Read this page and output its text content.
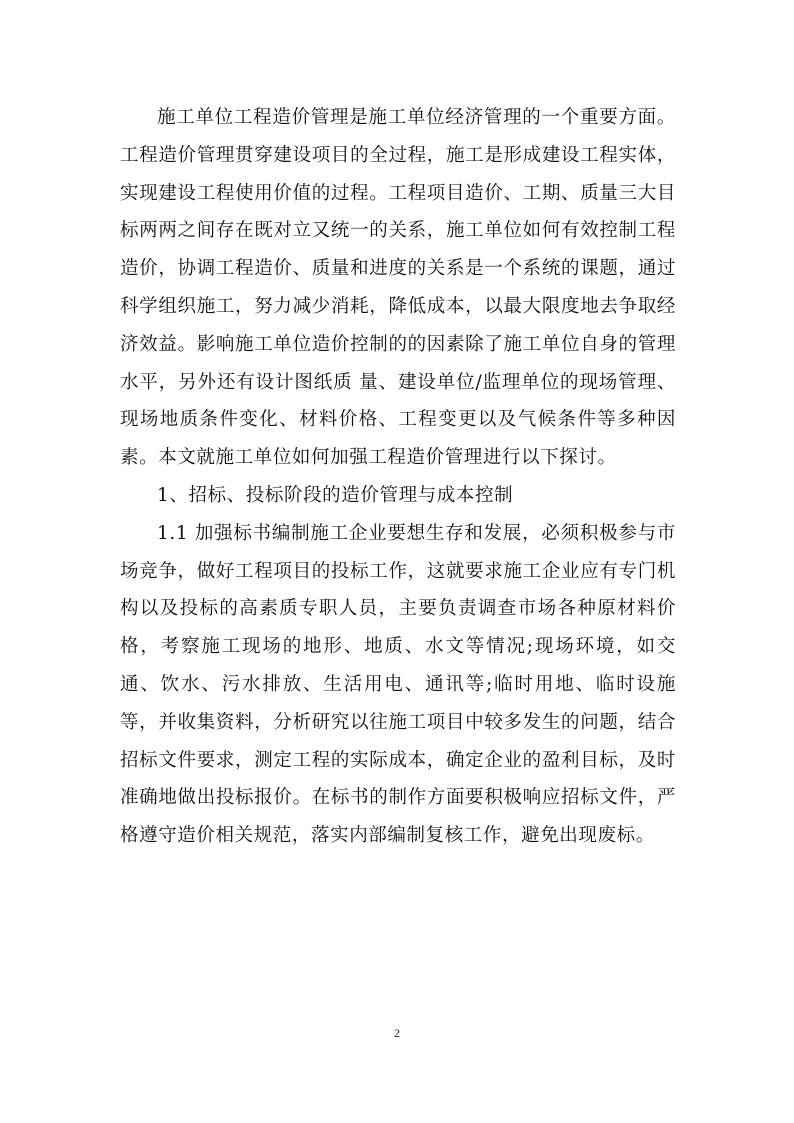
施工单位工程造价管理是施工单位经济管理的一个重要方面。工程造价管理贯穿建设项目的全过程，施工是形成建设工程实体，实现建设工程使用价值的过程。工程项目造价、工期、质量三大目标两两之间存在既对立又统一的关系，施工单位如何有效控制工程造价，协调工程造价、质量和进度的关系是一个系统的课题，通过科学组织施工，努力减少消耗，降低成本，以最大限度地去争取经济效益。影响施工单位造价控制的的因素除了施工单位自身的管理水平，另外还有设计图纸质 量、建设单位/监理单位的现场管理、现场地质条件变化、材料价格、工程变更以及气候条件等多种因素。本文就施工单位如何加强工程造价管理进行以下探讨。

1、招标、投标阶段的造价管理与成本控制

1.1 加强标书编制施工企业要想生存和发展，必须积极参与市场竞争，做好工程项目的投标工作，这就要求施工企业应有专门机构以及投标的高素质专职人员，主要负责调查市场各种原材料价格，考察施工现场的地形、地质、水文等情况;现场环境，如交通、饮水、污水排放、生活用电、通讯等;临时用地、临时设施等，并收集资料，分析研究以往施工项目中较多发生的问题，结合招标文件要求，测定工程的实际成本，确定企业的盈利目标，及时准确地做出投标报价。在标书的制作方面要积极响应招标文件，严格遵守造价相关规范，落实内部编制复核工作，避免出现废标。

2
